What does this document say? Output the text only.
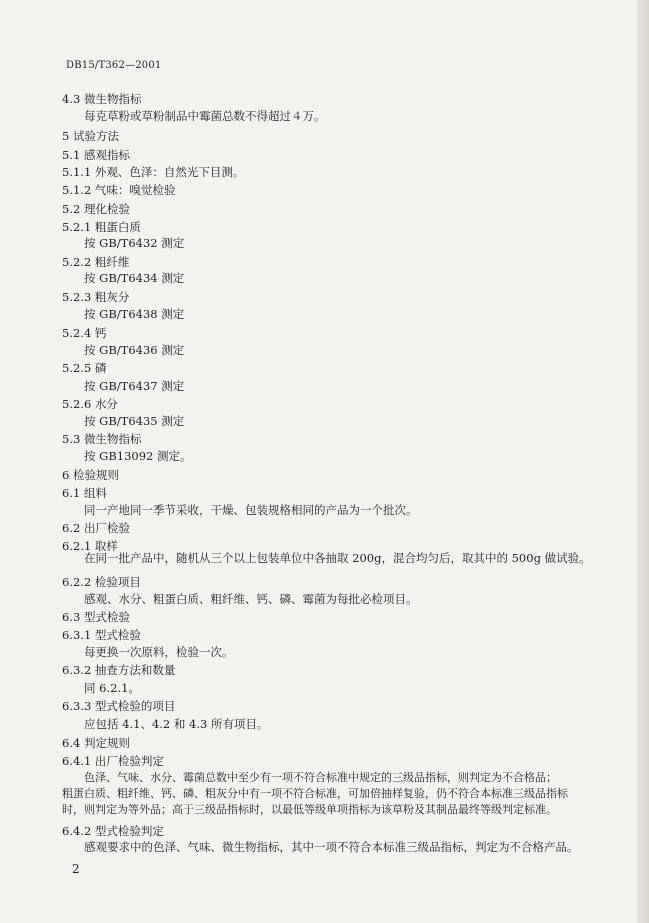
DB15/T362—2001
4.3 微生物指标
每克草粉或草粉制品中霉菌总数不得超过４万。
5 试验方法
5.1 感观指标
5.1.1 外观、色泽：自然光下目测。
5.1.2 气味：嗅觉检验
5.2 理化检验
5.2.1 粗蛋白质
按 GB/T6432 测定
5.2.2 粗纤维
按 GB/T6434 测定
5.2.3 粗灰分
按 GB/T6438 测定
5.2.4 钙
按 GB/T6436 测定
5.2.5 磷
按 GB/T6437 测定
5.2.6 水分
按 GB/T6435 测定
5.3 微生物指标
按 GB13092 测定。
6 检验规则
6.1 组料
同一产地同一季节采收，干燥、包装规格相同的产品为一个批次。
6.2 出厂检验
6.2.1 取样
在同一批产品中，随机从三个以上包装单位中各抽取 200g，混合均匀后，取其中的 500g 做试验。
6.2.2 检验项目
感观、水分、粗蛋白质、粗纤维、钙、磷、霉菌为每批必检项目。
6.3 型式检验
6.3.1 型式检验
每更换一次原料，检验一次。
6.3.2 抽查方法和数量
同 6.2.1。
6.3.3 型式检验的项目
应包括 4.1、4.2 和 4.3 所有项目。
6.4 判定规则
6.4.1 出厂检验判定
色泽、气味、水分、霉菌总数中至少有一项不符合标准中规定的三级品指标，则判定为不合格品；
粗蛋白质、粗纤维、钙、磷、粗灰分中有一项不符合标准，可加倍抽样复验，仍不符合本标准三级品指标
时，则判定为等外品；高于三级品指标时，以最低等级单项指标为该草粉及其制品最终等级判定标准。
6.4.2 型式检验判定
感观要求中的色泽、气味、微生物指标，其中一项不符合本标准三级品指标，判定为不合格产品。
2
